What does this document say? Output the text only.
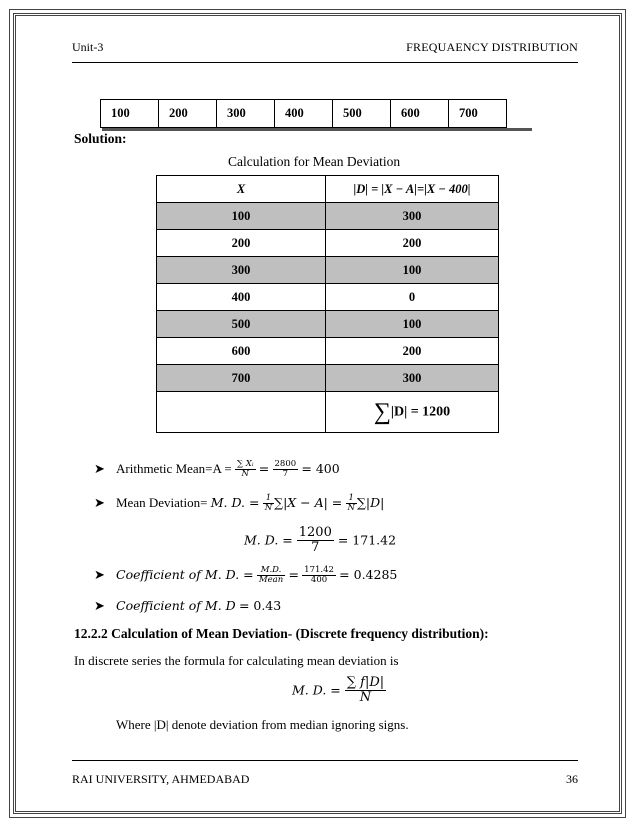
Unit-3	FREQUAENCY DISTRIBUTION
100	200	300	400	500	600	700
Solution:
Calculation for Mean Deviation
X	|D| = |X − A|=|X − 400|
100	300
200	200
300	100
400	0
500	100
600	200
700	300
	∑|D| = 1200
➤ Arithmetic Mean=A = $\frac{\text{∑ Xᵢ}}{N} = \frac{2800}{7} = 400$
➤ Mean Deviation= M. D. = $\frac{1}{N} \sum|X - A| = \frac{1}{N} \sum|D|$
M. D. = $\frac{1200}{7} = 171.42$
➤ Coefficient of M. D. = $\frac{M.D.}{\text{Mean}} = \frac{171.42}{400} = 0.4285$
➤ Coefficient of M. D = 0.43
12.2.2 Calculation of Mean Deviation- (Discrete frequency distribution):
In discrete series the formula for calculating mean deviation is
M. D. = $\frac{\sum f|D|}{N}$
Where |D| denote deviation from median ignoring signs.
RAI UNIVERSITY, AHMEDABAD	36
